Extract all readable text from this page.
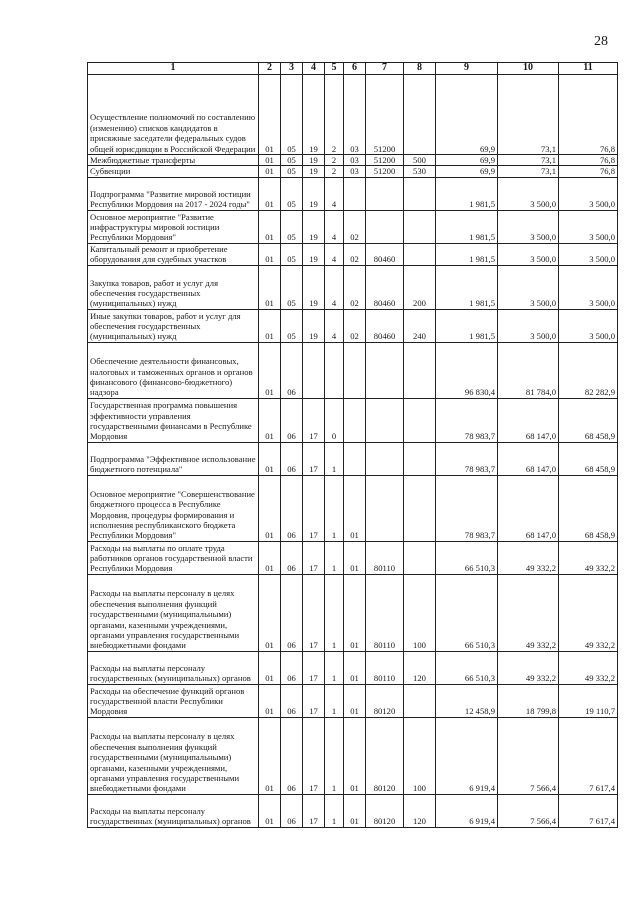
28
1	2	3	4	5	6	7	8	9	10	11
Осуществление полномочий по составлению (изменению) списков кандидатов в присяжные заседатели федеральных судов общей юрисдикции в Российской Федерации	01	05	19	2	03	51200		69,9	73,1	76,8
Межбюджетные трансферты	01	05	19	2	03	51200	500	69,9	73,1	76,8
Субвенции	01	05	19	2	03	51200	530	69,9	73,1	76,8
Подпрограмма "Развитие мировой юстиции Республики Мордовия на 2017 - 2024 годы"	01	05	19	4				1 981,5	3 500,0	3 500,0
Основное мероприятие "Развитие инфраструктуры мировой юстиции Республики Мордовия"	01	05	19	4	02			1 981,5	3 500,0	3 500,0
Капитальный ремонт и приобретение оборудования для судебных участков	01	05	19	4	02	80460		1 981,5	3 500,0	3 500,0
Закупка товаров, работ и услуг для обеспечения государственных (муниципальных) нужд	01	05	19	4	02	80460	200	1 981,5	3 500,0	3 500,0
Иные закупки товаров, работ и услуг для обеспечения государственных (муниципальных) нужд	01	05	19	4	02	80460	240	1 981,5	3 500,0	3 500,0
Обеспечение деятельности финансовых, налоговых и таможенных органов и органов финансового (финансово-бюджетного) надзора	01	06						96 830,4	81 784,0	82 282,9
Государственная программа повышения эффективности управления государственными финансами в Республике Мордовия	01	06	17	0				78 983,7	68 147,0	68 458,9
Подпрограмма "Эффективное использование бюджетного потенциала"	01	06	17	1				78 983,7	68 147,0	68 458,9
Основное мероприятие "Совершенствование бюджетного процесса в Республике Мордовия, процедуры формирования и исполнения республиканского бюджета Республики Мордовия"	01	06	17	1	01			78 983,7	68 147,0	68 458,9
Расходы на выплаты по оплате труда работников органов государственной власти Республики Мордовия	01	06	17	1	01	80110		66 510,3	49 332,2	49 332,2
Расходы на выплаты персоналу в целях обеспечения выполнения функций государственными (муниципальными) органами, казенными учреждениями, органами управления государственными внебюджетными фондами	01	06	17	1	01	80110	100	66 510,3	49 332,2	49 332,2
Расходы на выплаты персоналу государственных (муниципальных) органов	01	06	17	1	01	80110	120	66 510,3	49 332,2	49 332,2
Расходы на обеспечение функций органов государственной власти Республики Мордовия	01	06	17	1	01	80120		12 458,9	18 799,8	19 110,7
Расходы на выплаты персоналу в целях обеспечения выполнения функций государственными (муниципальными) органами, казенными учреждениями, органами управления государственными внебюджетными фондами	01	06	17	1	01	80120	100	6 919,4	7 566,4	7 617,4
Расходы на выплаты персоналу государственных (муниципальных) органов	01	06	17	1	01	80120	120	6 919,4	7 566,4	7 617,4
